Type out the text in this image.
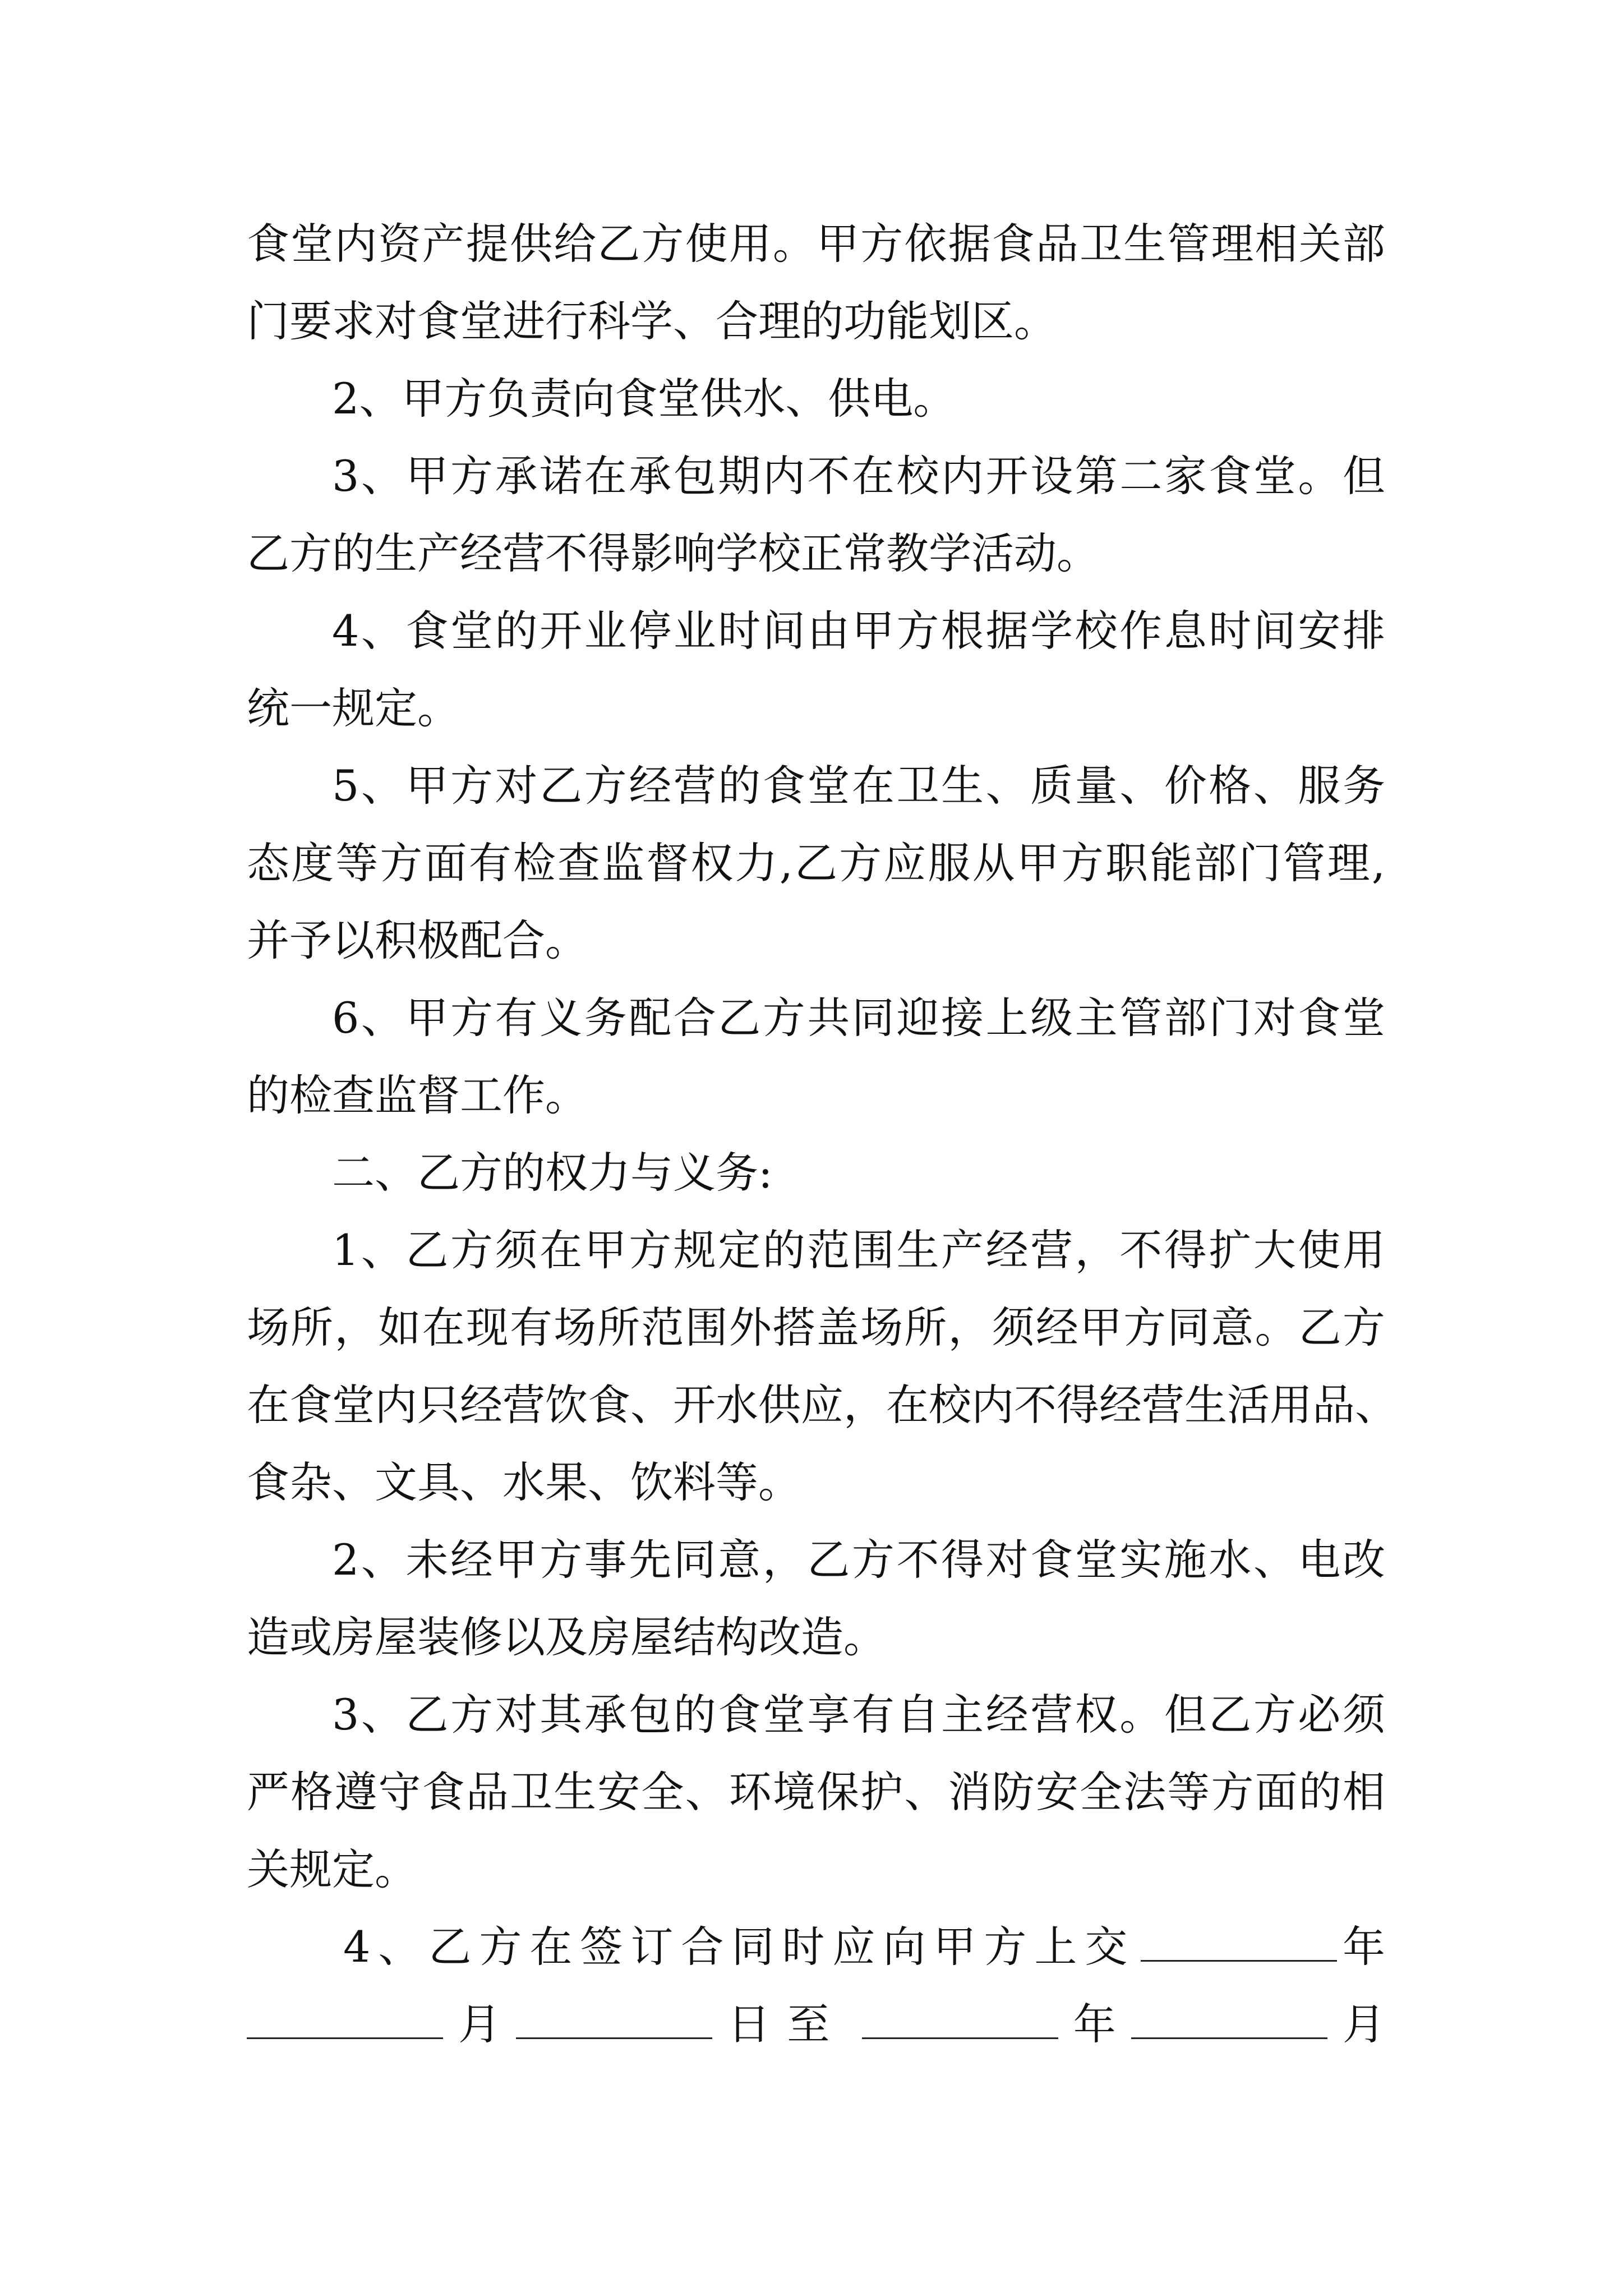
食 堂 内 资 产 提 供 给 乙 方 使 用 。 甲 方 依 据 食 品 卫 生 管 理 相 关 部
门要求对食堂进行科学、合理的功能划区。
2、甲方负责向食堂供水、供电。
3 、 甲 方 承 诺 在 承 包 期 内 不 在 校 内 开 设 第 二 家 食 堂 。 但
乙方的生产经营不得影响学校正常教学活动。
4 、 食 堂 的 开 业 停 业 时 间 由 甲 方 根 据 学 校 作 息 时 间 安 排
统一规定。
5 、 甲 方 对 乙 方 经 营 的 食 堂 在 卫 生 、 质 量 、 价 格 、 服 务
态 度 等 方 面 有 检 查 监 督 权 力 , 乙 方 应 服 从 甲 方 职 能 部 门 管 理 ,
并予以积极配合。
6 、 甲 方 有 义 务 配 合 乙 方 共 同 迎 接 上 级 主 管 部 门 对 食 堂
的检查监督工作。
二、乙方的权力与义务:
1 、 乙 方 须 在 甲 方 规 定 的 范 围 生 产 经 营 ， 不 得 扩 大 使 用
场 所 ， 如 在 现 有 场 所 范 围 外 搭 盖 场 所 ， 须 经 甲 方 同 意 。 乙 方
在 食 堂 内 只 经 营 饮 食 、 开 水 供 应 ， 在 校 内 不 得 经 营 生 活 用 品 、
食杂、文具、水果、饮料等。
2 、 未 经 甲 方 事 先 同 意 ， 乙 方 不 得 对 食 堂 实 施 水 、 电 改
造或房屋装修以及房屋结构改造。
3 、 乙 方 对 其 承 包 的 食 堂 享 有 自 主 经 营 权 。 但 乙 方 必 须
严 格 遵 守 食 品 卫 生 安 全 、 环 境 保 护 、 消 防 安 全 法 等 方 面 的 相
关规定。
4、乙方在签订合同时应向甲方上交	年
月	日至	年	月
